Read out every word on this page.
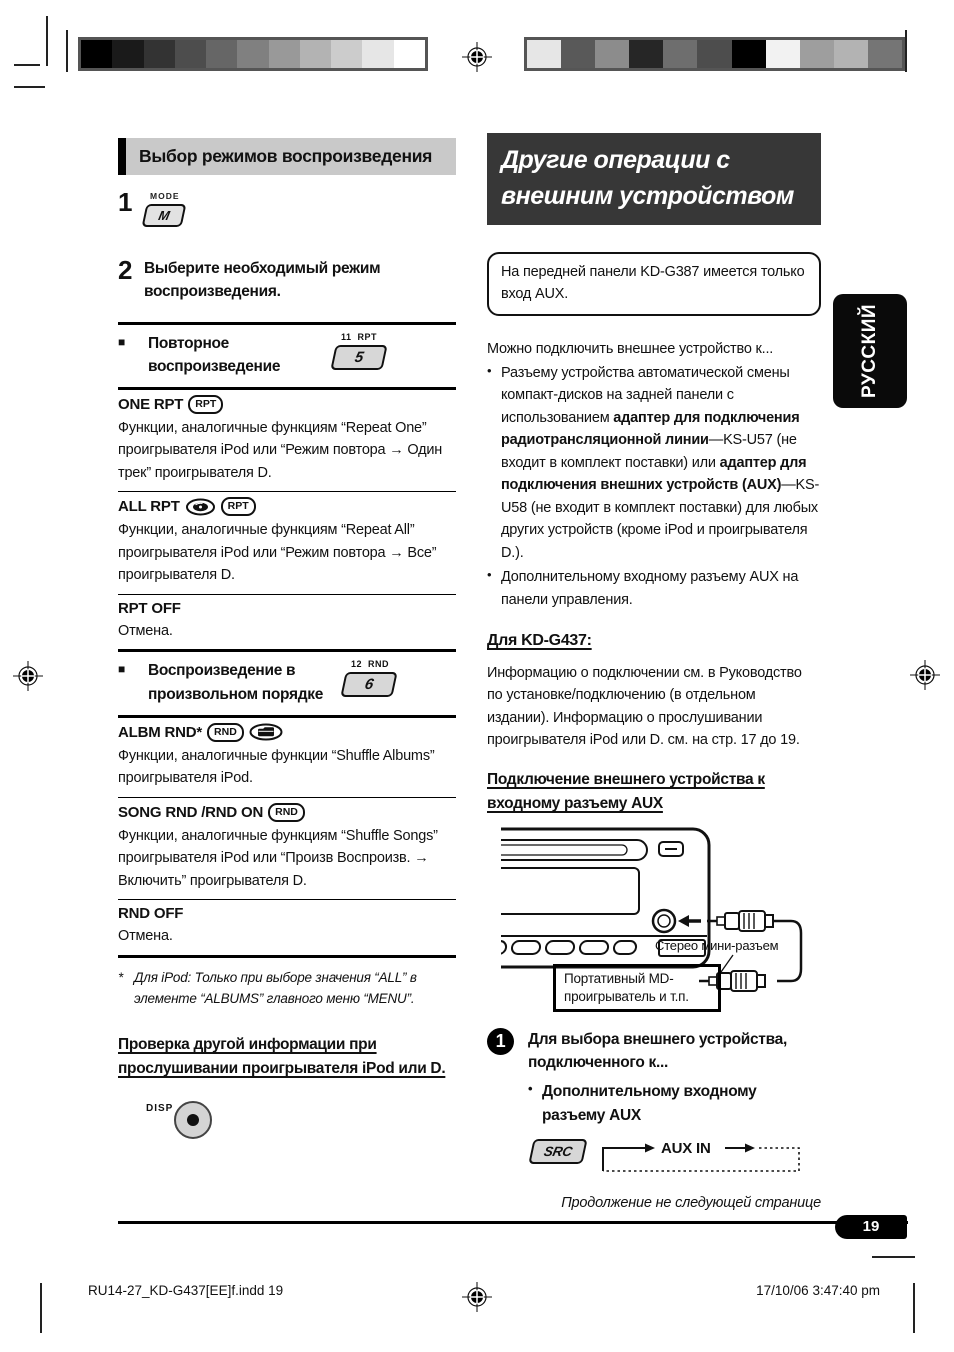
Выбор режимов воспроизведения
1	MODE
M
2 Выберите необходимый режим воспроизведения.
■	Повторное воспроизведение
11  RPT
5
ONE RPT	RPT
Функции, аналогичные функциям “Repeat One” проигрывателя iPod или “Режим повтора → Один трек” проигрывателя D.
ALL RPT	RPT
Функции, аналогичные функциям “Repeat All” проигрывателя iPod или “Режим повтора → Все” проигрывателя D.
RPT OFF
Отмена.
■	Воспроизведение в произвольном порядке
12  RND
6
ALBM RND*	RND
Функции, аналогичные функции “Shuffle Albums” проигрывателя iPod.
SONG RND /RND ON	RND
Функции, аналогичные функциям “Shuffle Songs” проигрывателя iPod или “Произв Воспроизв. → Включить” проигрывателя D.
RND OFF
Отмена.
* Для iPod: Только при выборе значения “ALL” в элементе “ALBUMS” главного меню “MENU”.
Проверка другой информации при прослушивании проигрывателя iPod или D.
DISP
Другие операции с внешним устройством
На передней панели KD-G387 имеется только вход AUX.

Можно подключить внешнее устройство к...

• Разъему устройства автоматической смены компакт-дисков на задней панели с использованием адаптер для подключения радиотрансляционной линии—KS-U57 (не входит в комплект поставки) или адаптер для подключения внешних устройств (AUX)—KS-U58 (не входит в комплект поставки) для любых других устройств (кроме iPod и проигрывателя D.).

• Дополнительному входному разъему AUX на панели управления.

Для KD-G437:

Информацию о подключении см. в Руководство по установке/подключению (в отдельном издании). Информацию о прослушивании проигрывателя iPod или D. см. на стр. 17 до 19.

Подключение внешнего устройства к входному разъему AUX
Стерео мини-разъем
Портативный MD-проигрыватель и т.п.
1	Для выбора внешнего устройства, подключенного к...
• Дополнительному входному разъему AUX
SRC	AUX IN

Продолжение не следующей странице

РУССКИЙ
19
RU14-27_KD-G437[EE]f.indd 19	17/10/06 3:47:40 pm
